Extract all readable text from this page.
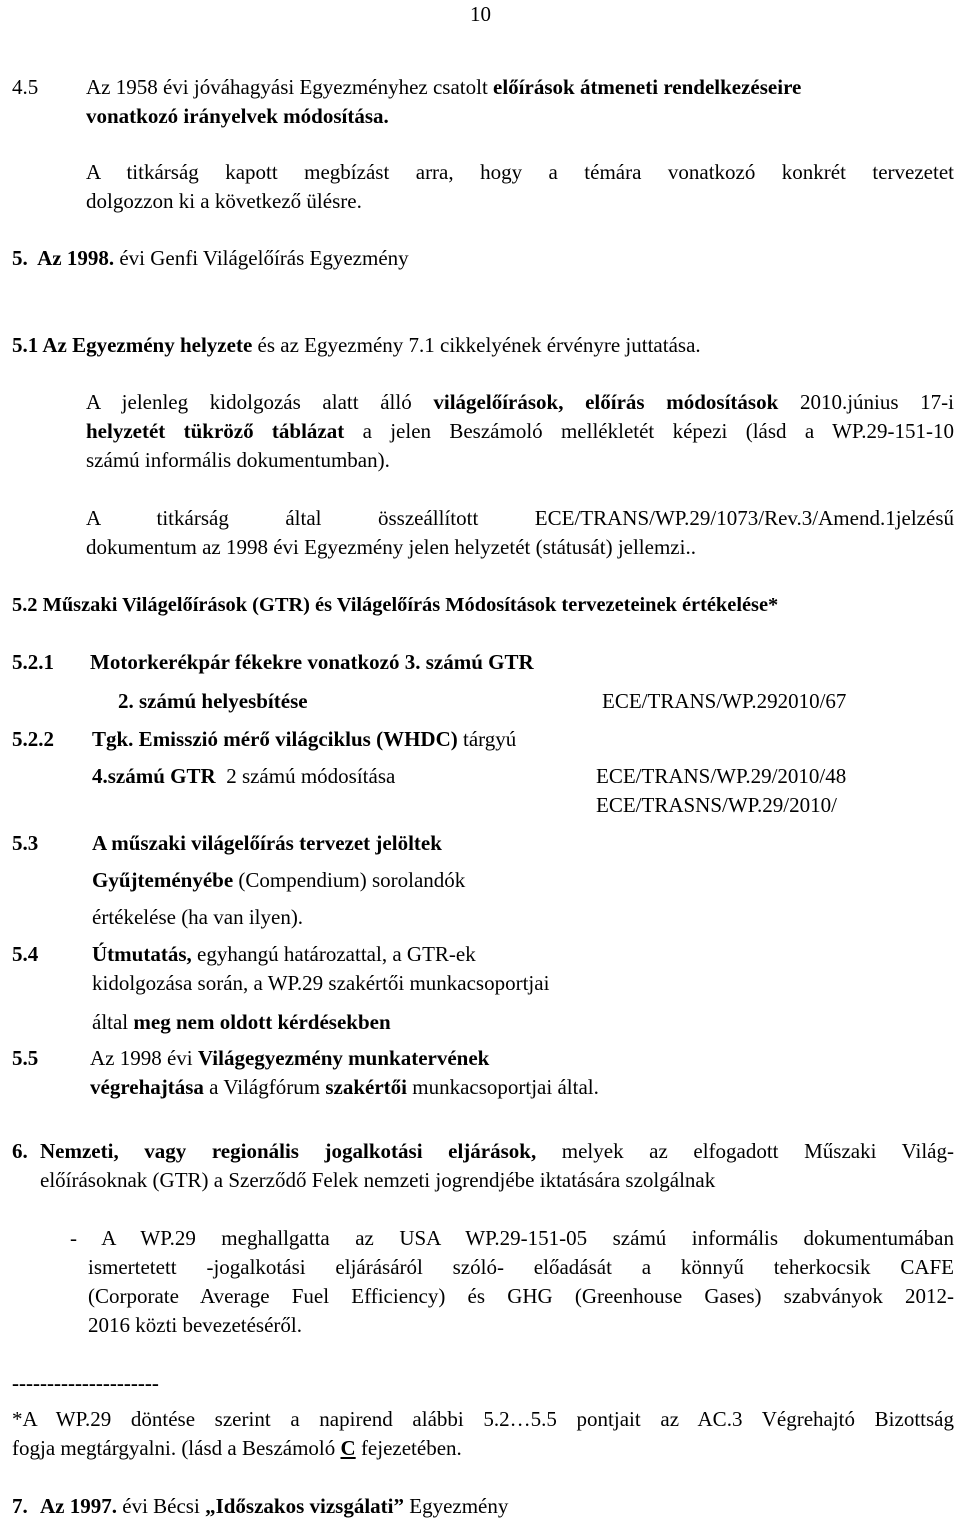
10
4.5 Az 1958 évi jóváhagyási Egyezményhez csatolt előírások átmeneti rendelkezéseire
vonatkozó irányelvek módosítása.
A titkárság kapott megbízást arra, hogy a témára vonatkozó konkrét tervezetet
dolgozzon ki a következő ülésre.
5.  Az 1998. évi Genfi Világelőírás Egyezmény
5.1 Az Egyezmény helyzete és az Egyezmény 7.1 cikkelyének érvényre juttatása.
A jelenleg kidolgozás alatt álló világelőírások, előírás módosítások 2010.június 17-i
helyzetét tükröző táblázat a jelen Beszámoló mellékletét képezi (lásd a WP.29-151-10
számú informális dokumentumban).
A titkárság által összeállított ECE/TRANS/WP.29/1073/Rev.3/Amend.1jelzésű
dokumentum az 1998 évi Egyezmény jelen helyzetét (státusát) jellemzi..
5.2 Műszaki Világelőírások (GTR) és Világelőírás Módosítások tervezeteinek értékelése*
5.2.1 Motorkerékpár fékekre vonatkozó 3. számú GTR
2. számú helyesbítése	ECE/TRANS/WP.292010/67
5.2.2 Tgk. Emisszió mérő világciklus (WHDC) tárgyú
4.számú GTR  2 számú módosítása	ECE/TRANS/WP.29/2010/48
ECE/TRASNS/WP.29/2010/
5.3	A műszaki világelőírás tervezet jelöltek
Gyűjteményébe (Compendium) sorolandók
értékelése (ha van ilyen).
5.4	Útmutatás, egyhangú határozattal, a GTR-ek
kidolgozása során, a WP.29 szakértői munkacsoportjai
által meg nem oldott kérdésekben
5.5 Az 1998 évi Világegyezmény munkatervének
végrehajtása a Világfórum szakértői munkacsoportjai által.
6. Nemzeti, vagy regionális jogalkotási eljárások, melyek az elfogadott Műszaki Világ-
előírásoknak (GTR) a Szerződő Felek nemzeti jogrendjébe iktatására szolgálnak
- A WP.29 meghallgatta az USA WP.29-151-05 számú informális dokumentumában
ismertetett -jogalkotási eljárásáról szóló- előadását a könnyű teherkocsik CAFE
(Corporate Average Fuel Efficiency) és GHG (Greenhouse Gases) szabványok 2012-
2016 közti bevezetéséről.
---------------------
*A WP.29 döntése szerint a napirend alábbi 5.2…5.5 pontjait az AC.3 Végrehajtó Bizottság
fogja megtárgyalni. (lásd a Beszámoló C fejezetében.
7. Az 1997. évi Bécsi „Időszakos vizsgálati” Egyezmény
